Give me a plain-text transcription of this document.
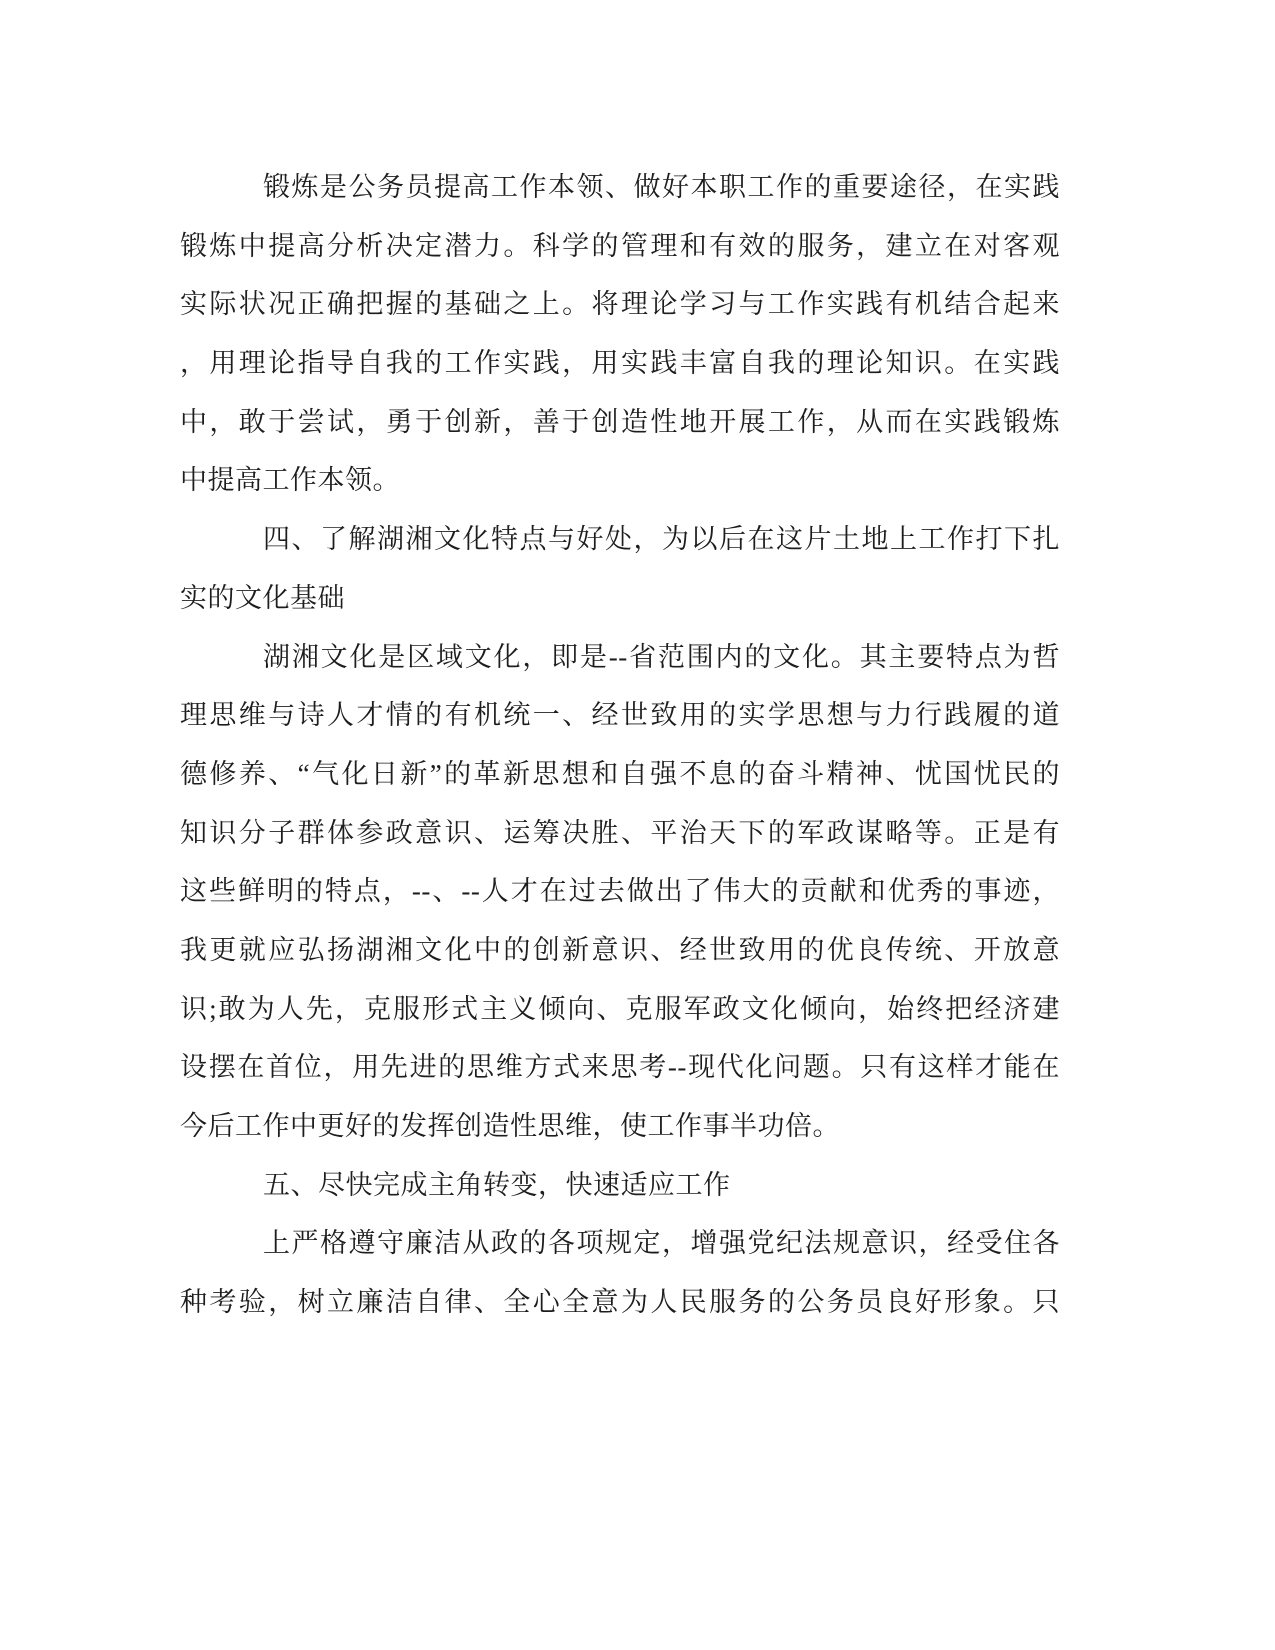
锻炼是公务员提高工作本领、做好本职工作的重要途径，在实践
锻炼中提高分析决定潜力。科学的管理和有效的服务，建立在对客观
实际状况正确把握的基础之上。将理论学习与工作实践有机结合起来
，用理论指导自我的工作实践，用实践丰富自我的理论知识。在实践
中，敢于尝试，勇于创新，善于创造性地开展工作，从而在实践锻炼
中提高工作本领。
四、了解湖湘文化特点与好处，为以后在这片土地上工作打下扎
实的文化基础
湖湘文化是区域文化，即是--省范围内的文化。其主要特点为哲
理思维与诗人才情的有机统一、经世致用的实学思想与力行践履的道
德修养、“气化日新”的革新思想和自强不息的奋斗精神、忧国忧民的
知识分子群体参政意识、运筹决胜、平治天下的军政谋略等。正是有
这些鲜明的特点，--、--人才在过去做出了伟大的贡献和优秀的事迹，
我更就应弘扬湖湘文化中的创新意识、经世致用的优良传统、开放意
识;敢为人先，克服形式主义倾向、克服军政文化倾向，始终把经济建
设摆在首位，用先进的思维方式来思考--现代化问题。只有这样才能在
今后工作中更好的发挥创造性思维，使工作事半功倍。
五、尽快完成主角转变，快速适应工作
上严格遵守廉洁从政的各项规定，增强党纪法规意识，经受住各
种考验，树立廉洁自律、全心全意为人民服务的公务员良好形象。只
